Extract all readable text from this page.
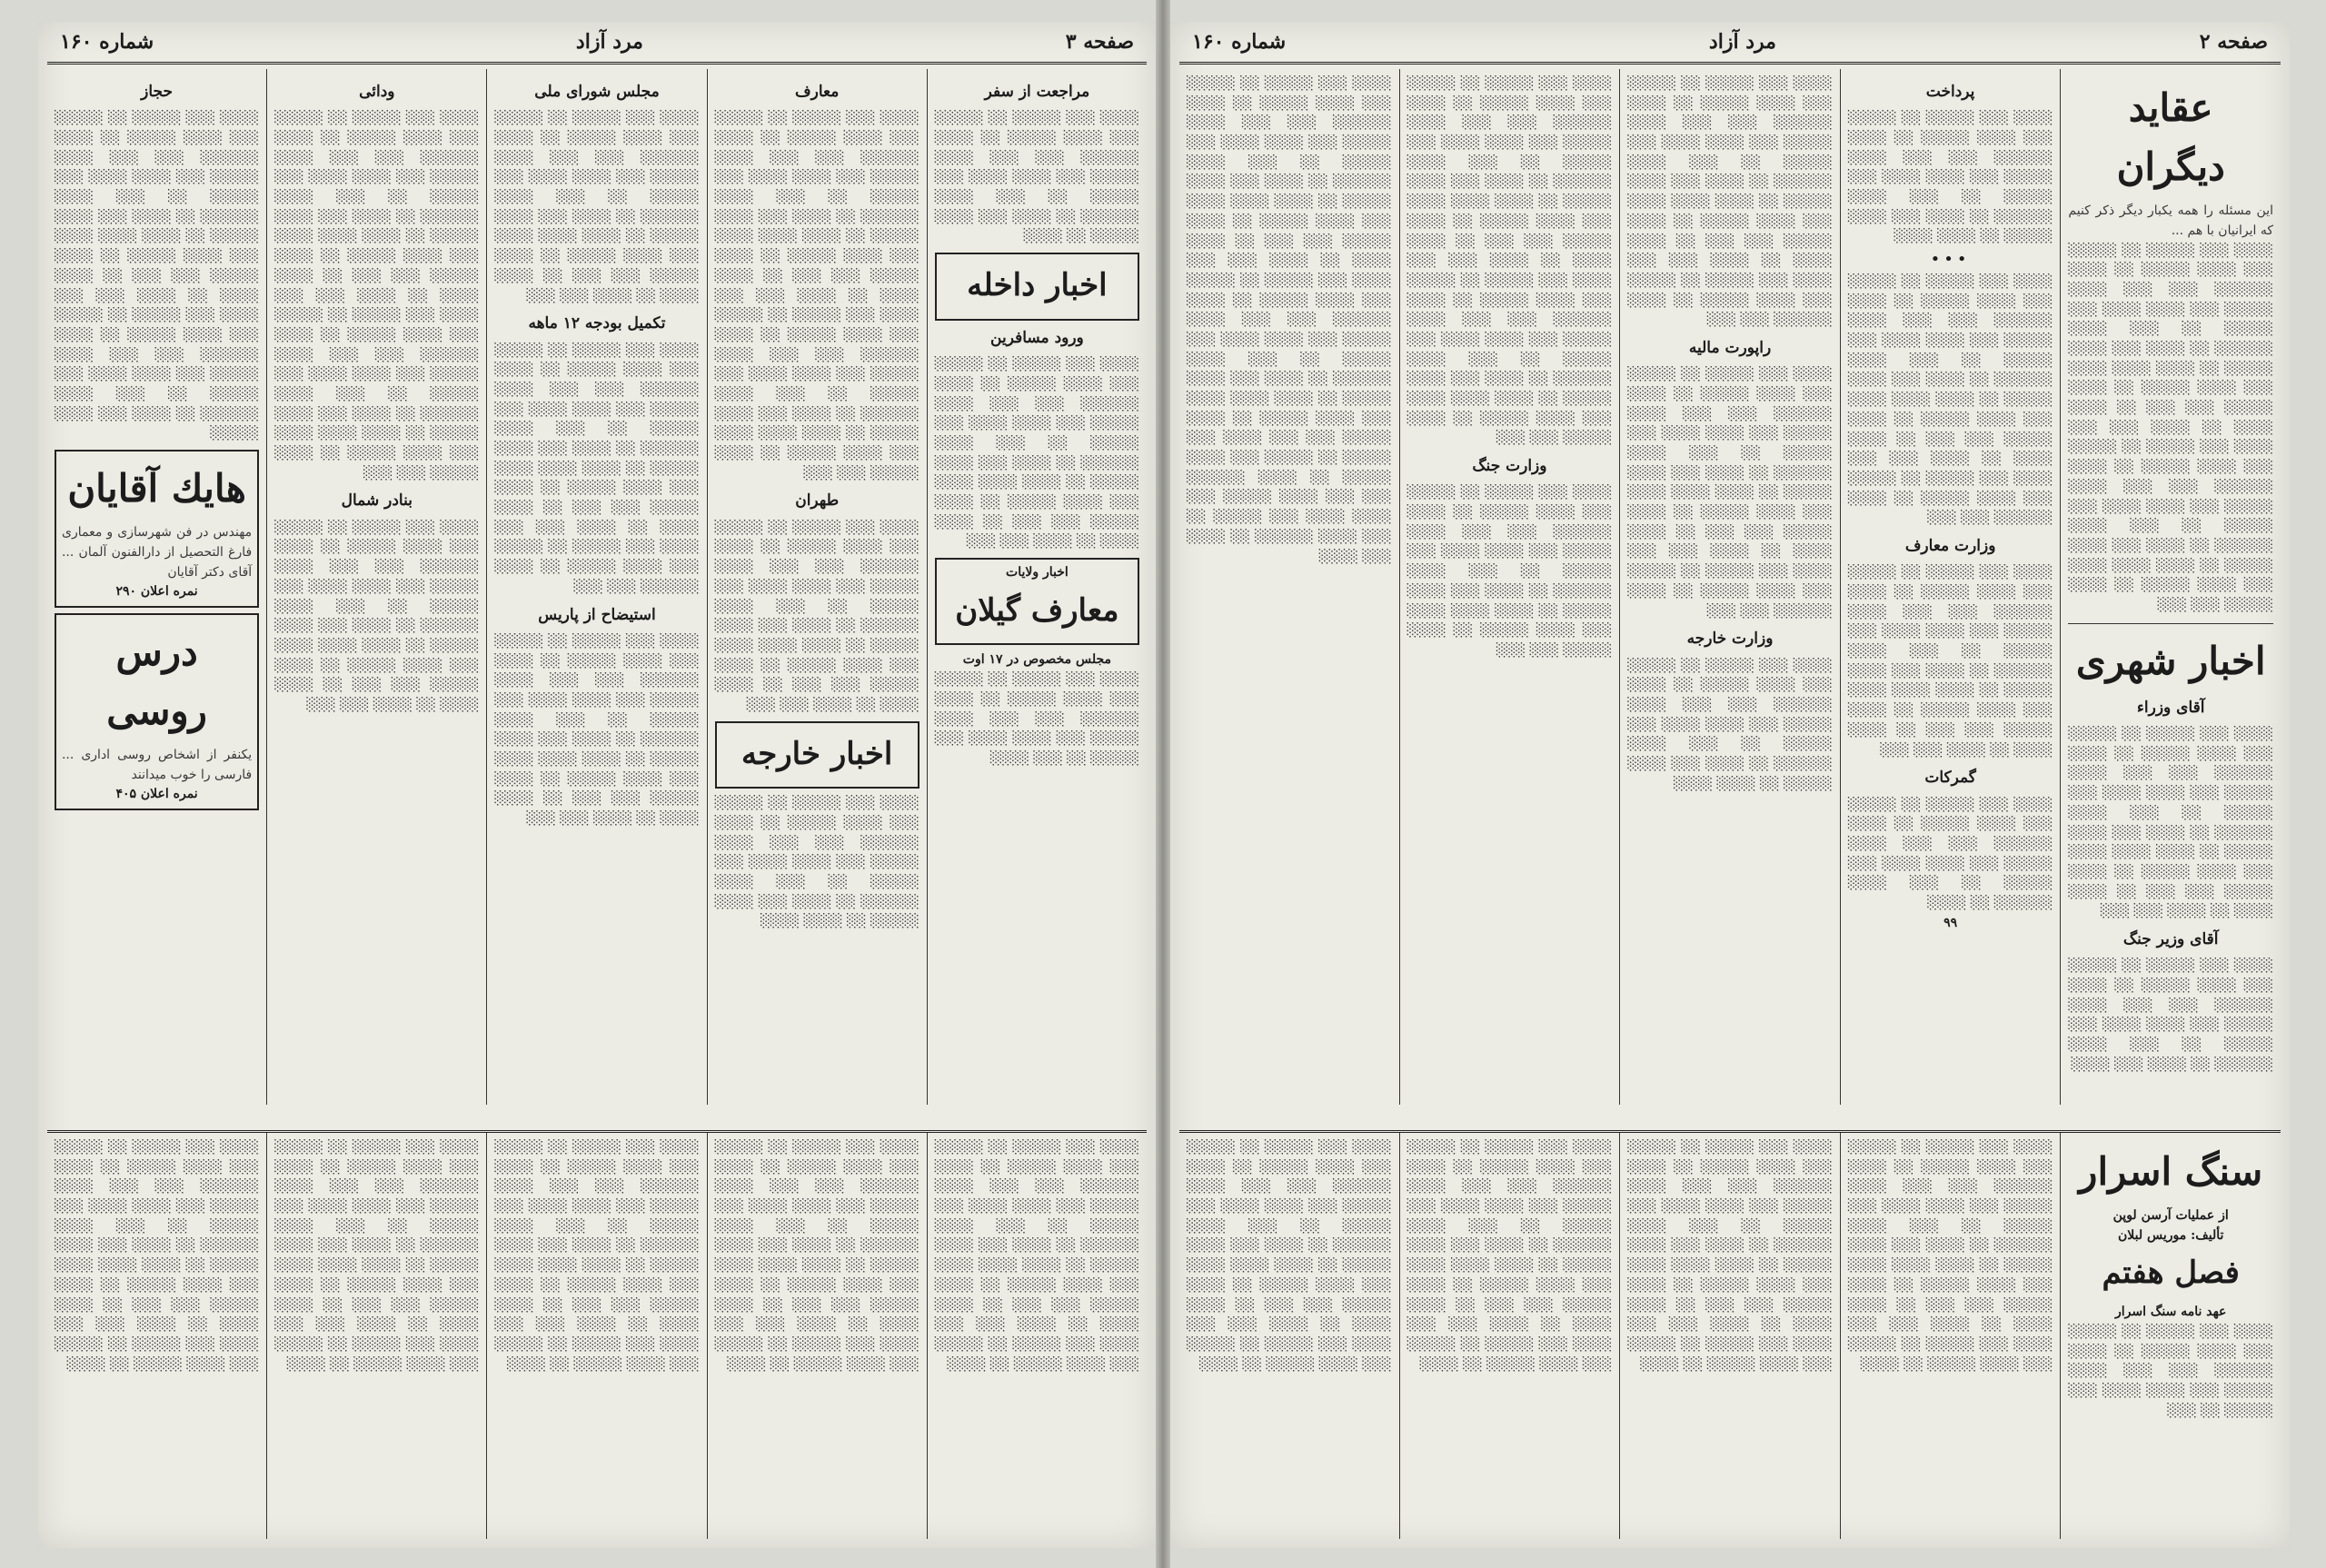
صفحه ۳
مرد آزاد
شماره ۱۶۰
مراجعت از سفر
░░░░ ░░░ ░░░░░ ░░ ░░░░░ ░░░ ░░░░ ░░░░░ ░░ ░░░░ ░░░░░░ ░░░ ░░░ ░░░░ ░░░░░ ░░░ ░░░░ ░░░░ ░░░ ░░░░░ ░░ ░░░ ░░░░ ░░░░░░ ░░ ░░░░ ░░░ ░░░░ ░░░░░ ░░ ░░░░
اخبار داخله
ورود مسافرین
░░░░ ░░░ ░░░░░ ░░ ░░░░░ ░░░ ░░░░ ░░░░░ ░░ ░░░░ ░░░░░░ ░░░ ░░░ ░░░░ ░░░░░ ░░░ ░░░░ ░░░░ ░░░ ░░░░░ ░░ ░░░ ░░░░ ░░░░░░ ░░ ░░░░ ░░░ ░░░░ ░░░░░ ░░ ░░░░ ░░░░ ░░░░ ░░░ ░░░░ ░░░░░ ░░ ░░░░ ░░░░░ ░░░ ░░░ ░░ ░░░░ ░░░░ ░░ ░░░░ ░░░ ░░░
اخبار ولایات
معارف گیلان
مجلس مخصوص در ۱۷ اوت
░░░░ ░░░ ░░░░░ ░░ ░░░░░ ░░░ ░░░░ ░░░░░ ░░ ░░░░ ░░░░░░ ░░░ ░░░ ░░░░ ░░░░░ ░░░ ░░░░ ░░░░ ░░░ ░░░░░ ░░ ░░░ ░░░░
معارف
░░░░ ░░░ ░░░░░ ░░ ░░░░░ ░░░ ░░░░ ░░░░░ ░░ ░░░░ ░░░░░░ ░░░ ░░░ ░░░░ ░░░░░ ░░░ ░░░░ ░░░░ ░░░ ░░░░░ ░░ ░░░ ░░░░ ░░░░░░ ░░ ░░░░ ░░░ ░░░░ ░░░░░ ░░ ░░░░ ░░░░ ░░░░ ░░░ ░░░░ ░░░░░ ░░ ░░░░ ░░░░░ ░░░ ░░░ ░░ ░░░░ ░░░░ ░░ ░░░░ ░░░ ░░░ ░░░░ ░░░ ░░░░░ ░░ ░░░░░ ░░░ ░░░░ ░░░░░ ░░ ░░░░ ░░░░░░ ░░░ ░░░ ░░░░ ░░░░░ ░░░ ░░░░ ░░░░ ░░░ ░░░░░ ░░ ░░░ ░░░░ ░░░░░░ ░░ ░░░░ ░░░ ░░░░ ░░░░░ ░░ ░░░░ ░░░░ ░░░░ ░░░ ░░░░ ░░░░░ ░░ ░░░░ ░░░░░ ░░░ ░░░
طهران
░░░░ ░░░ ░░░░░ ░░ ░░░░░ ░░░ ░░░░ ░░░░░ ░░ ░░░░ ░░░░░░ ░░░ ░░░ ░░░░ ░░░░░ ░░░ ░░░░ ░░░░ ░░░ ░░░░░ ░░ ░░░ ░░░░ ░░░░░░ ░░ ░░░░ ░░░ ░░░░ ░░░░░ ░░ ░░░░ ░░░░ ░░░░ ░░░ ░░░░ ░░░░░ ░░ ░░░░ ░░░░░ ░░░ ░░░ ░░ ░░░░ ░░░░ ░░ ░░░░ ░░░ ░░░
اخبار خارجه
░░░░ ░░░ ░░░░░ ░░ ░░░░░ ░░░ ░░░░ ░░░░░ ░░ ░░░░ ░░░░░░ ░░░ ░░░ ░░░░ ░░░░░ ░░░ ░░░░ ░░░░ ░░░ ░░░░░ ░░ ░░░ ░░░░ ░░░░░░ ░░ ░░░░ ░░░ ░░░░ ░░░░░ ░░ ░░░░ ░░░░
مجلس شورای ملی
░░░░ ░░░ ░░░░░ ░░ ░░░░░ ░░░ ░░░░ ░░░░░ ░░ ░░░░ ░░░░░░ ░░░ ░░░ ░░░░ ░░░░░ ░░░ ░░░░ ░░░░ ░░░ ░░░░░ ░░ ░░░ ░░░░ ░░░░░░ ░░ ░░░░ ░░░ ░░░░ ░░░░░ ░░ ░░░░ ░░░░ ░░░░ ░░░ ░░░░ ░░░░░ ░░ ░░░░ ░░░░░ ░░░ ░░░ ░░ ░░░░ ░░░░ ░░ ░░░░ ░░░ ░░░
تکمیل بودجه ۱۲ ماهه
░░░░ ░░░ ░░░░░ ░░ ░░░░░ ░░░ ░░░░ ░░░░░ ░░ ░░░░ ░░░░░░ ░░░ ░░░ ░░░░ ░░░░░ ░░░ ░░░░ ░░░░ ░░░ ░░░░░ ░░ ░░░ ░░░░ ░░░░░░ ░░ ░░░░ ░░░ ░░░░ ░░░░░ ░░ ░░░░ ░░░░ ░░░░ ░░░ ░░░░ ░░░░░ ░░ ░░░░ ░░░░░ ░░░ ░░░ ░░ ░░░░ ░░░░ ░░ ░░░░ ░░░ ░░░ ░░░░ ░░░ ░░░░░ ░░ ░░░░░ ░░░ ░░░░ ░░░░░ ░░ ░░░░ ░░░░░░ ░░░ ░░░
استیضاح از پاریس
░░░░ ░░░ ░░░░░ ░░ ░░░░░ ░░░ ░░░░ ░░░░░ ░░ ░░░░ ░░░░░░ ░░░ ░░░ ░░░░ ░░░░░ ░░░ ░░░░ ░░░░ ░░░ ░░░░░ ░░ ░░░ ░░░░ ░░░░░░ ░░ ░░░░ ░░░ ░░░░ ░░░░░ ░░ ░░░░ ░░░░ ░░░░ ░░░ ░░░░ ░░░░░ ░░ ░░░░ ░░░░░ ░░░ ░░░ ░░ ░░░░ ░░░░ ░░ ░░░░ ░░░ ░░░
ودائی
░░░░ ░░░ ░░░░░ ░░ ░░░░░ ░░░ ░░░░ ░░░░░ ░░ ░░░░ ░░░░░░ ░░░ ░░░ ░░░░ ░░░░░ ░░░ ░░░░ ░░░░ ░░░ ░░░░░ ░░ ░░░ ░░░░ ░░░░░░ ░░ ░░░░ ░░░ ░░░░ ░░░░░ ░░ ░░░░ ░░░░ ░░░░ ░░░ ░░░░ ░░░░░ ░░ ░░░░ ░░░░░ ░░░ ░░░ ░░ ░░░░ ░░░░ ░░ ░░░░ ░░░ ░░░ ░░░░ ░░░ ░░░░░ ░░ ░░░░░ ░░░ ░░░░ ░░░░░ ░░ ░░░░ ░░░░░░ ░░░ ░░░ ░░░░ ░░░░░ ░░░ ░░░░ ░░░░ ░░░ ░░░░░ ░░ ░░░ ░░░░ ░░░░░░ ░░ ░░░░ ░░░ ░░░░ ░░░░░ ░░ ░░░░ ░░░░ ░░░░ ░░░ ░░░░ ░░░░░ ░░ ░░░░ ░░░░░ ░░░ ░░░
بنادر شمال
░░░░ ░░░ ░░░░░ ░░ ░░░░░ ░░░ ░░░░ ░░░░░ ░░ ░░░░ ░░░░░░ ░░░ ░░░ ░░░░ ░░░░░ ░░░ ░░░░ ░░░░ ░░░ ░░░░░ ░░ ░░░ ░░░░ ░░░░░░ ░░ ░░░░ ░░░ ░░░░ ░░░░░ ░░ ░░░░ ░░░░ ░░░░ ░░░ ░░░░ ░░░░░ ░░ ░░░░ ░░░░░ ░░░ ░░░ ░░ ░░░░ ░░░░ ░░ ░░░░ ░░░ ░░░
حجاز
░░░░ ░░░ ░░░░░ ░░ ░░░░░ ░░░ ░░░░ ░░░░░ ░░ ░░░░ ░░░░░░ ░░░ ░░░ ░░░░ ░░░░░ ░░░ ░░░░ ░░░░ ░░░ ░░░░░ ░░ ░░░ ░░░░ ░░░░░░ ░░ ░░░░ ░░░ ░░░░ ░░░░░ ░░ ░░░░ ░░░░ ░░░░ ░░░ ░░░░ ░░░░░ ░░ ░░░░ ░░░░░ ░░░ ░░░ ░░ ░░░░ ░░░░ ░░ ░░░░ ░░░ ░░░ ░░░░ ░░░ ░░░░░ ░░ ░░░░░ ░░░ ░░░░ ░░░░░ ░░ ░░░░ ░░░░░░ ░░░ ░░░ ░░░░ ░░░░░ ░░░ ░░░░ ░░░░ ░░░ ░░░░░ ░░ ░░░ ░░░░ ░░░░░░ ░░ ░░░░ ░░░ ░░░░ ░░░░░
هایك آقایان
مهندس در فن شهرسازی و معماری فارغ التحصیل از دارالفنون آلمان ... آقای دکتر آقایان
نمره اعلان ۲۹۰
درس روسی
یکنفر از اشخاص روسی اداری ... فارسی را خوب میدانند
نمره اعلان ۴۰۵
░░░░ ░░░ ░░░░░ ░░ ░░░░░ ░░░ ░░░░ ░░░░░ ░░ ░░░░ ░░░░░░ ░░░ ░░░ ░░░░ ░░░░░ ░░░ ░░░░ ░░░░ ░░░ ░░░░░ ░░ ░░░ ░░░░ ░░░░░░ ░░ ░░░░ ░░░ ░░░░ ░░░░░ ░░ ░░░░ ░░░░ ░░░░ ░░░ ░░░░ ░░░░░ ░░ ░░░░ ░░░░░ ░░░ ░░░ ░░ ░░░░ ░░░░ ░░ ░░░░ ░░░ ░░░ ░░░░ ░░░ ░░░░░ ░░ ░░░░░ ░░░ ░░░░ ░░░░░ ░░ ░░░░
░░░░ ░░░ ░░░░░ ░░ ░░░░░ ░░░ ░░░░ ░░░░░ ░░ ░░░░ ░░░░░░ ░░░ ░░░ ░░░░ ░░░░░ ░░░ ░░░░ ░░░░ ░░░ ░░░░░ ░░ ░░░ ░░░░ ░░░░░░ ░░ ░░░░ ░░░ ░░░░ ░░░░░ ░░ ░░░░ ░░░░ ░░░░ ░░░ ░░░░ ░░░░░ ░░ ░░░░ ░░░░░ ░░░ ░░░ ░░ ░░░░ ░░░░ ░░ ░░░░ ░░░ ░░░ ░░░░ ░░░ ░░░░░ ░░ ░░░░░ ░░░ ░░░░ ░░░░░ ░░ ░░░░
░░░░ ░░░ ░░░░░ ░░ ░░░░░ ░░░ ░░░░ ░░░░░ ░░ ░░░░ ░░░░░░ ░░░ ░░░ ░░░░ ░░░░░ ░░░ ░░░░ ░░░░ ░░░ ░░░░░ ░░ ░░░ ░░░░ ░░░░░░ ░░ ░░░░ ░░░ ░░░░ ░░░░░ ░░ ░░░░ ░░░░ ░░░░ ░░░ ░░░░ ░░░░░ ░░ ░░░░ ░░░░░ ░░░ ░░░ ░░ ░░░░ ░░░░ ░░ ░░░░ ░░░ ░░░ ░░░░ ░░░ ░░░░░ ░░ ░░░░░ ░░░ ░░░░ ░░░░░ ░░ ░░░░
░░░░ ░░░ ░░░░░ ░░ ░░░░░ ░░░ ░░░░ ░░░░░ ░░ ░░░░ ░░░░░░ ░░░ ░░░ ░░░░ ░░░░░ ░░░ ░░░░ ░░░░ ░░░ ░░░░░ ░░ ░░░ ░░░░ ░░░░░░ ░░ ░░░░ ░░░ ░░░░ ░░░░░ ░░ ░░░░ ░░░░ ░░░░ ░░░ ░░░░ ░░░░░ ░░ ░░░░ ░░░░░ ░░░ ░░░ ░░ ░░░░ ░░░░ ░░ ░░░░ ░░░ ░░░ ░░░░ ░░░ ░░░░░ ░░ ░░░░░ ░░░ ░░░░ ░░░░░ ░░ ░░░░
░░░░ ░░░ ░░░░░ ░░ ░░░░░ ░░░ ░░░░ ░░░░░ ░░ ░░░░ ░░░░░░ ░░░ ░░░ ░░░░ ░░░░░ ░░░ ░░░░ ░░░░ ░░░ ░░░░░ ░░ ░░░ ░░░░ ░░░░░░ ░░ ░░░░ ░░░ ░░░░ ░░░░░ ░░ ░░░░ ░░░░ ░░░░ ░░░ ░░░░ ░░░░░ ░░ ░░░░ ░░░░░ ░░░ ░░░ ░░ ░░░░ ░░░░ ░░ ░░░░ ░░░ ░░░ ░░░░ ░░░ ░░░░░ ░░ ░░░░░ ░░░ ░░░░ ░░░░░ ░░ ░░░░
صفحه ۲
مرد آزاد
شماره ۱۶۰
عقاید دیگران
این مسئله را همه یکبار دیگر ذکر کنیم که ایرانیان با هم ...
░░░░ ░░░ ░░░░░ ░░ ░░░░░ ░░░ ░░░░ ░░░░░ ░░ ░░░░ ░░░░░░ ░░░ ░░░ ░░░░ ░░░░░ ░░░ ░░░░ ░░░░ ░░░ ░░░░░ ░░ ░░░ ░░░░ ░░░░░░ ░░ ░░░░ ░░░ ░░░░ ░░░░░ ░░ ░░░░ ░░░░ ░░░░ ░░░ ░░░░ ░░░░░ ░░ ░░░░ ░░░░░ ░░░ ░░░ ░░ ░░░░ ░░░░ ░░ ░░░░ ░░░ ░░░ ░░░░ ░░░ ░░░░░ ░░ ░░░░░ ░░░ ░░░░ ░░░░░ ░░ ░░░░ ░░░░░░ ░░░ ░░░ ░░░░ ░░░░░ ░░░ ░░░░ ░░░░ ░░░ ░░░░░ ░░ ░░░ ░░░░ ░░░░░░ ░░ ░░░░ ░░░ ░░░░ ░░░░░ ░░ ░░░░ ░░░░ ░░░░ ░░░ ░░░░ ░░░░░ ░░ ░░░░ ░░░░░ ░░░ ░░░
اخبار شهری
آقای وزراء
░░░░ ░░░ ░░░░░ ░░ ░░░░░ ░░░ ░░░░ ░░░░░ ░░ ░░░░ ░░░░░░ ░░░ ░░░ ░░░░ ░░░░░ ░░░ ░░░░ ░░░░ ░░░ ░░░░░ ░░ ░░░ ░░░░ ░░░░░░ ░░ ░░░░ ░░░ ░░░░ ░░░░░ ░░ ░░░░ ░░░░ ░░░░ ░░░ ░░░░ ░░░░░ ░░ ░░░░ ░░░░░ ░░░ ░░░ ░░ ░░░░ ░░░░ ░░ ░░░░ ░░░ ░░░
آقای وزیر جنگ
░░░░ ░░░ ░░░░░ ░░ ░░░░░ ░░░ ░░░░ ░░░░░ ░░ ░░░░ ░░░░░░ ░░░ ░░░ ░░░░ ░░░░░ ░░░ ░░░░ ░░░░ ░░░ ░░░░░ ░░ ░░░ ░░░░ ░░░░░░ ░░ ░░░░ ░░░ ░░░░
پرداخت
░░░░ ░░░ ░░░░░ ░░ ░░░░░ ░░░ ░░░░ ░░░░░ ░░ ░░░░ ░░░░░░ ░░░ ░░░ ░░░░ ░░░░░ ░░░ ░░░░ ░░░░ ░░░ ░░░░░ ░░ ░░░ ░░░░ ░░░░░░ ░░ ░░░░ ░░░ ░░░░ ░░░░░ ░░ ░░░░ ░░░░
•••
░░░░ ░░░ ░░░░░ ░░ ░░░░░ ░░░ ░░░░ ░░░░░ ░░ ░░░░ ░░░░░░ ░░░ ░░░ ░░░░ ░░░░░ ░░░ ░░░░ ░░░░ ░░░ ░░░░░ ░░ ░░░ ░░░░ ░░░░░░ ░░ ░░░░ ░░░ ░░░░ ░░░░░ ░░ ░░░░ ░░░░ ░░░░ ░░░ ░░░░ ░░░░░ ░░ ░░░░ ░░░░░ ░░░ ░░░ ░░ ░░░░ ░░░░ ░░ ░░░░ ░░░ ░░░ ░░░░ ░░░ ░░░░░ ░░ ░░░░░ ░░░ ░░░░ ░░░░░ ░░ ░░░░ ░░░░░░ ░░░ ░░░
وزارت معارف
░░░░ ░░░ ░░░░░ ░░ ░░░░░ ░░░ ░░░░ ░░░░░ ░░ ░░░░ ░░░░░░ ░░░ ░░░ ░░░░ ░░░░░ ░░░ ░░░░ ░░░░ ░░░ ░░░░░ ░░ ░░░ ░░░░ ░░░░░░ ░░ ░░░░ ░░░ ░░░░ ░░░░░ ░░ ░░░░ ░░░░ ░░░░ ░░░ ░░░░ ░░░░░ ░░ ░░░░ ░░░░░ ░░░ ░░░ ░░ ░░░░ ░░░░ ░░ ░░░░ ░░░ ░░░
گمرکات
░░░░ ░░░ ░░░░░ ░░ ░░░░░ ░░░ ░░░░ ░░░░░ ░░ ░░░░ ░░░░░░ ░░░ ░░░ ░░░░ ░░░░░ ░░░ ░░░░ ░░░░ ░░░ ░░░░░ ░░ ░░░ ░░░░ ░░░░░░ ░░ ░░░░
۹۹
░░░░ ░░░ ░░░░░ ░░ ░░░░░ ░░░ ░░░░ ░░░░░ ░░ ░░░░ ░░░░░░ ░░░ ░░░ ░░░░ ░░░░░ ░░░ ░░░░ ░░░░ ░░░ ░░░░░ ░░ ░░░ ░░░░ ░░░░░░ ░░ ░░░░ ░░░ ░░░░ ░░░░░ ░░ ░░░░ ░░░░ ░░░░ ░░░ ░░░░ ░░░░░ ░░ ░░░░ ░░░░░ ░░░ ░░░ ░░ ░░░░ ░░░░ ░░ ░░░░ ░░░ ░░░ ░░░░ ░░░ ░░░░░ ░░ ░░░░░ ░░░ ░░░░ ░░░░░ ░░ ░░░░ ░░░░░░ ░░░ ░░░
راپورت مالیه
░░░░ ░░░ ░░░░░ ░░ ░░░░░ ░░░ ░░░░ ░░░░░ ░░ ░░░░ ░░░░░░ ░░░ ░░░ ░░░░ ░░░░░ ░░░ ░░░░ ░░░░ ░░░ ░░░░░ ░░ ░░░ ░░░░ ░░░░░░ ░░ ░░░░ ░░░ ░░░░ ░░░░░ ░░ ░░░░ ░░░░ ░░░░ ░░░ ░░░░ ░░░░░ ░░ ░░░░ ░░░░░ ░░░ ░░░ ░░ ░░░░ ░░░░ ░░ ░░░░ ░░░ ░░░ ░░░░ ░░░ ░░░░░ ░░ ░░░░░ ░░░ ░░░░ ░░░░░ ░░ ░░░░ ░░░░░░ ░░░ ░░░
وزارت خارجه
░░░░ ░░░ ░░░░░ ░░ ░░░░░ ░░░ ░░░░ ░░░░░ ░░ ░░░░ ░░░░░░ ░░░ ░░░ ░░░░ ░░░░░ ░░░ ░░░░ ░░░░ ░░░ ░░░░░ ░░ ░░░ ░░░░ ░░░░░░ ░░ ░░░░ ░░░ ░░░░ ░░░░░ ░░ ░░░░ ░░░░
░░░░ ░░░ ░░░░░ ░░ ░░░░░ ░░░ ░░░░ ░░░░░ ░░ ░░░░ ░░░░░░ ░░░ ░░░ ░░░░ ░░░░░ ░░░ ░░░░ ░░░░ ░░░ ░░░░░ ░░ ░░░ ░░░░ ░░░░░░ ░░ ░░░░ ░░░ ░░░░ ░░░░░ ░░ ░░░░ ░░░░ ░░░░ ░░░ ░░░░ ░░░░░ ░░ ░░░░ ░░░░░ ░░░ ░░░ ░░ ░░░░ ░░░░ ░░ ░░░░ ░░░ ░░░ ░░░░ ░░░ ░░░░░ ░░ ░░░░░ ░░░ ░░░░ ░░░░░ ░░ ░░░░ ░░░░░░ ░░░ ░░░ ░░░░ ░░░░░ ░░░ ░░░░ ░░░░ ░░░ ░░░░░ ░░ ░░░ ░░░░ ░░░░░░ ░░ ░░░░ ░░░ ░░░░ ░░░░░ ░░ ░░░░ ░░░░ ░░░░ ░░░ ░░░░ ░░░░░ ░░ ░░░░ ░░░░░ ░░░ ░░░
وزارت جنگ
░░░░ ░░░ ░░░░░ ░░ ░░░░░ ░░░ ░░░░ ░░░░░ ░░ ░░░░ ░░░░░░ ░░░ ░░░ ░░░░ ░░░░░ ░░░ ░░░░ ░░░░ ░░░ ░░░░░ ░░ ░░░ ░░░░ ░░░░░░ ░░ ░░░░ ░░░ ░░░░ ░░░░░ ░░ ░░░░ ░░░░ ░░░░ ░░░ ░░░░ ░░░░░ ░░ ░░░░ ░░░░░ ░░░ ░░░
░░░░ ░░░ ░░░░░ ░░ ░░░░░ ░░░ ░░░░ ░░░░░ ░░ ░░░░ ░░░░░░ ░░░ ░░░ ░░░░ ░░░░░ ░░░ ░░░░ ░░░░ ░░░ ░░░░░ ░░ ░░░ ░░░░ ░░░░░░ ░░ ░░░░ ░░░ ░░░░ ░░░░░ ░░ ░░░░ ░░░░ ░░░░ ░░░ ░░░░ ░░░░░ ░░ ░░░░ ░░░░░ ░░░ ░░░ ░░ ░░░░ ░░░░ ░░ ░░░░ ░░░ ░░░ ░░░░ ░░░ ░░░░░ ░░ ░░░░░ ░░░ ░░░░ ░░░░░ ░░ ░░░░ ░░░░░░ ░░░ ░░░ ░░░░ ░░░░░ ░░░ ░░░░ ░░░░ ░░░ ░░░░░ ░░ ░░░ ░░░░ ░░░░░░ ░░ ░░░░ ░░░ ░░░░ ░░░░░ ░░ ░░░░ ░░░░ ░░░░ ░░░ ░░░░ ░░░░░ ░░ ░░░░ ░░░░░ ░░░ ░░░ ░░░░ ░░░ ░░░░░ ░░ ░░░░░ ░░░ ░░░░ ░░░░░ ░░ ░░░░ ░░░░░░ ░░░ ░░░ ░░░░ ░░░░░ ░░░ ░░░░ ░░░░ ░░░ ░░░░░ ░░ ░░░ ░░░░ ░░░░░░ ░░ ░░░░ ░░░ ░░░░
سنگ اسرار
از عملیات آرسن لوپن
تألیف: موریس لبلان
فصل هفتم
عهد نامه سنگ اسرار
░░░░ ░░░ ░░░░░ ░░ ░░░░░ ░░░ ░░░░ ░░░░░ ░░ ░░░░ ░░░░░░ ░░░ ░░░ ░░░░ ░░░░░ ░░░ ░░░░ ░░░░ ░░░ ░░░░░ ░░ ░░░
░░░░ ░░░ ░░░░░ ░░ ░░░░░ ░░░ ░░░░ ░░░░░ ░░ ░░░░ ░░░░░░ ░░░ ░░░ ░░░░ ░░░░░ ░░░ ░░░░ ░░░░ ░░░ ░░░░░ ░░ ░░░ ░░░░ ░░░░░░ ░░ ░░░░ ░░░ ░░░░ ░░░░░ ░░ ░░░░ ░░░░ ░░░░ ░░░ ░░░░ ░░░░░ ░░ ░░░░ ░░░░░ ░░░ ░░░ ░░ ░░░░ ░░░░ ░░ ░░░░ ░░░ ░░░ ░░░░ ░░░ ░░░░░ ░░ ░░░░░ ░░░ ░░░░ ░░░░░ ░░ ░░░░
░░░░ ░░░ ░░░░░ ░░ ░░░░░ ░░░ ░░░░ ░░░░░ ░░ ░░░░ ░░░░░░ ░░░ ░░░ ░░░░ ░░░░░ ░░░ ░░░░ ░░░░ ░░░ ░░░░░ ░░ ░░░ ░░░░ ░░░░░░ ░░ ░░░░ ░░░ ░░░░ ░░░░░ ░░ ░░░░ ░░░░ ░░░░ ░░░ ░░░░ ░░░░░ ░░ ░░░░ ░░░░░ ░░░ ░░░ ░░ ░░░░ ░░░░ ░░ ░░░░ ░░░ ░░░ ░░░░ ░░░ ░░░░░ ░░ ░░░░░ ░░░ ░░░░ ░░░░░ ░░ ░░░░
░░░░ ░░░ ░░░░░ ░░ ░░░░░ ░░░ ░░░░ ░░░░░ ░░ ░░░░ ░░░░░░ ░░░ ░░░ ░░░░ ░░░░░ ░░░ ░░░░ ░░░░ ░░░ ░░░░░ ░░ ░░░ ░░░░ ░░░░░░ ░░ ░░░░ ░░░ ░░░░ ░░░░░ ░░ ░░░░ ░░░░ ░░░░ ░░░ ░░░░ ░░░░░ ░░ ░░░░ ░░░░░ ░░░ ░░░ ░░ ░░░░ ░░░░ ░░ ░░░░ ░░░ ░░░ ░░░░ ░░░ ░░░░░ ░░ ░░░░░ ░░░ ░░░░ ░░░░░ ░░ ░░░░
░░░░ ░░░ ░░░░░ ░░ ░░░░░ ░░░ ░░░░ ░░░░░ ░░ ░░░░ ░░░░░░ ░░░ ░░░ ░░░░ ░░░░░ ░░░ ░░░░ ░░░░ ░░░ ░░░░░ ░░ ░░░ ░░░░ ░░░░░░ ░░ ░░░░ ░░░ ░░░░ ░░░░░ ░░ ░░░░ ░░░░ ░░░░ ░░░ ░░░░ ░░░░░ ░░ ░░░░ ░░░░░ ░░░ ░░░ ░░ ░░░░ ░░░░ ░░ ░░░░ ░░░ ░░░ ░░░░ ░░░ ░░░░░ ░░ ░░░░░ ░░░ ░░░░ ░░░░░ ░░ ░░░░
